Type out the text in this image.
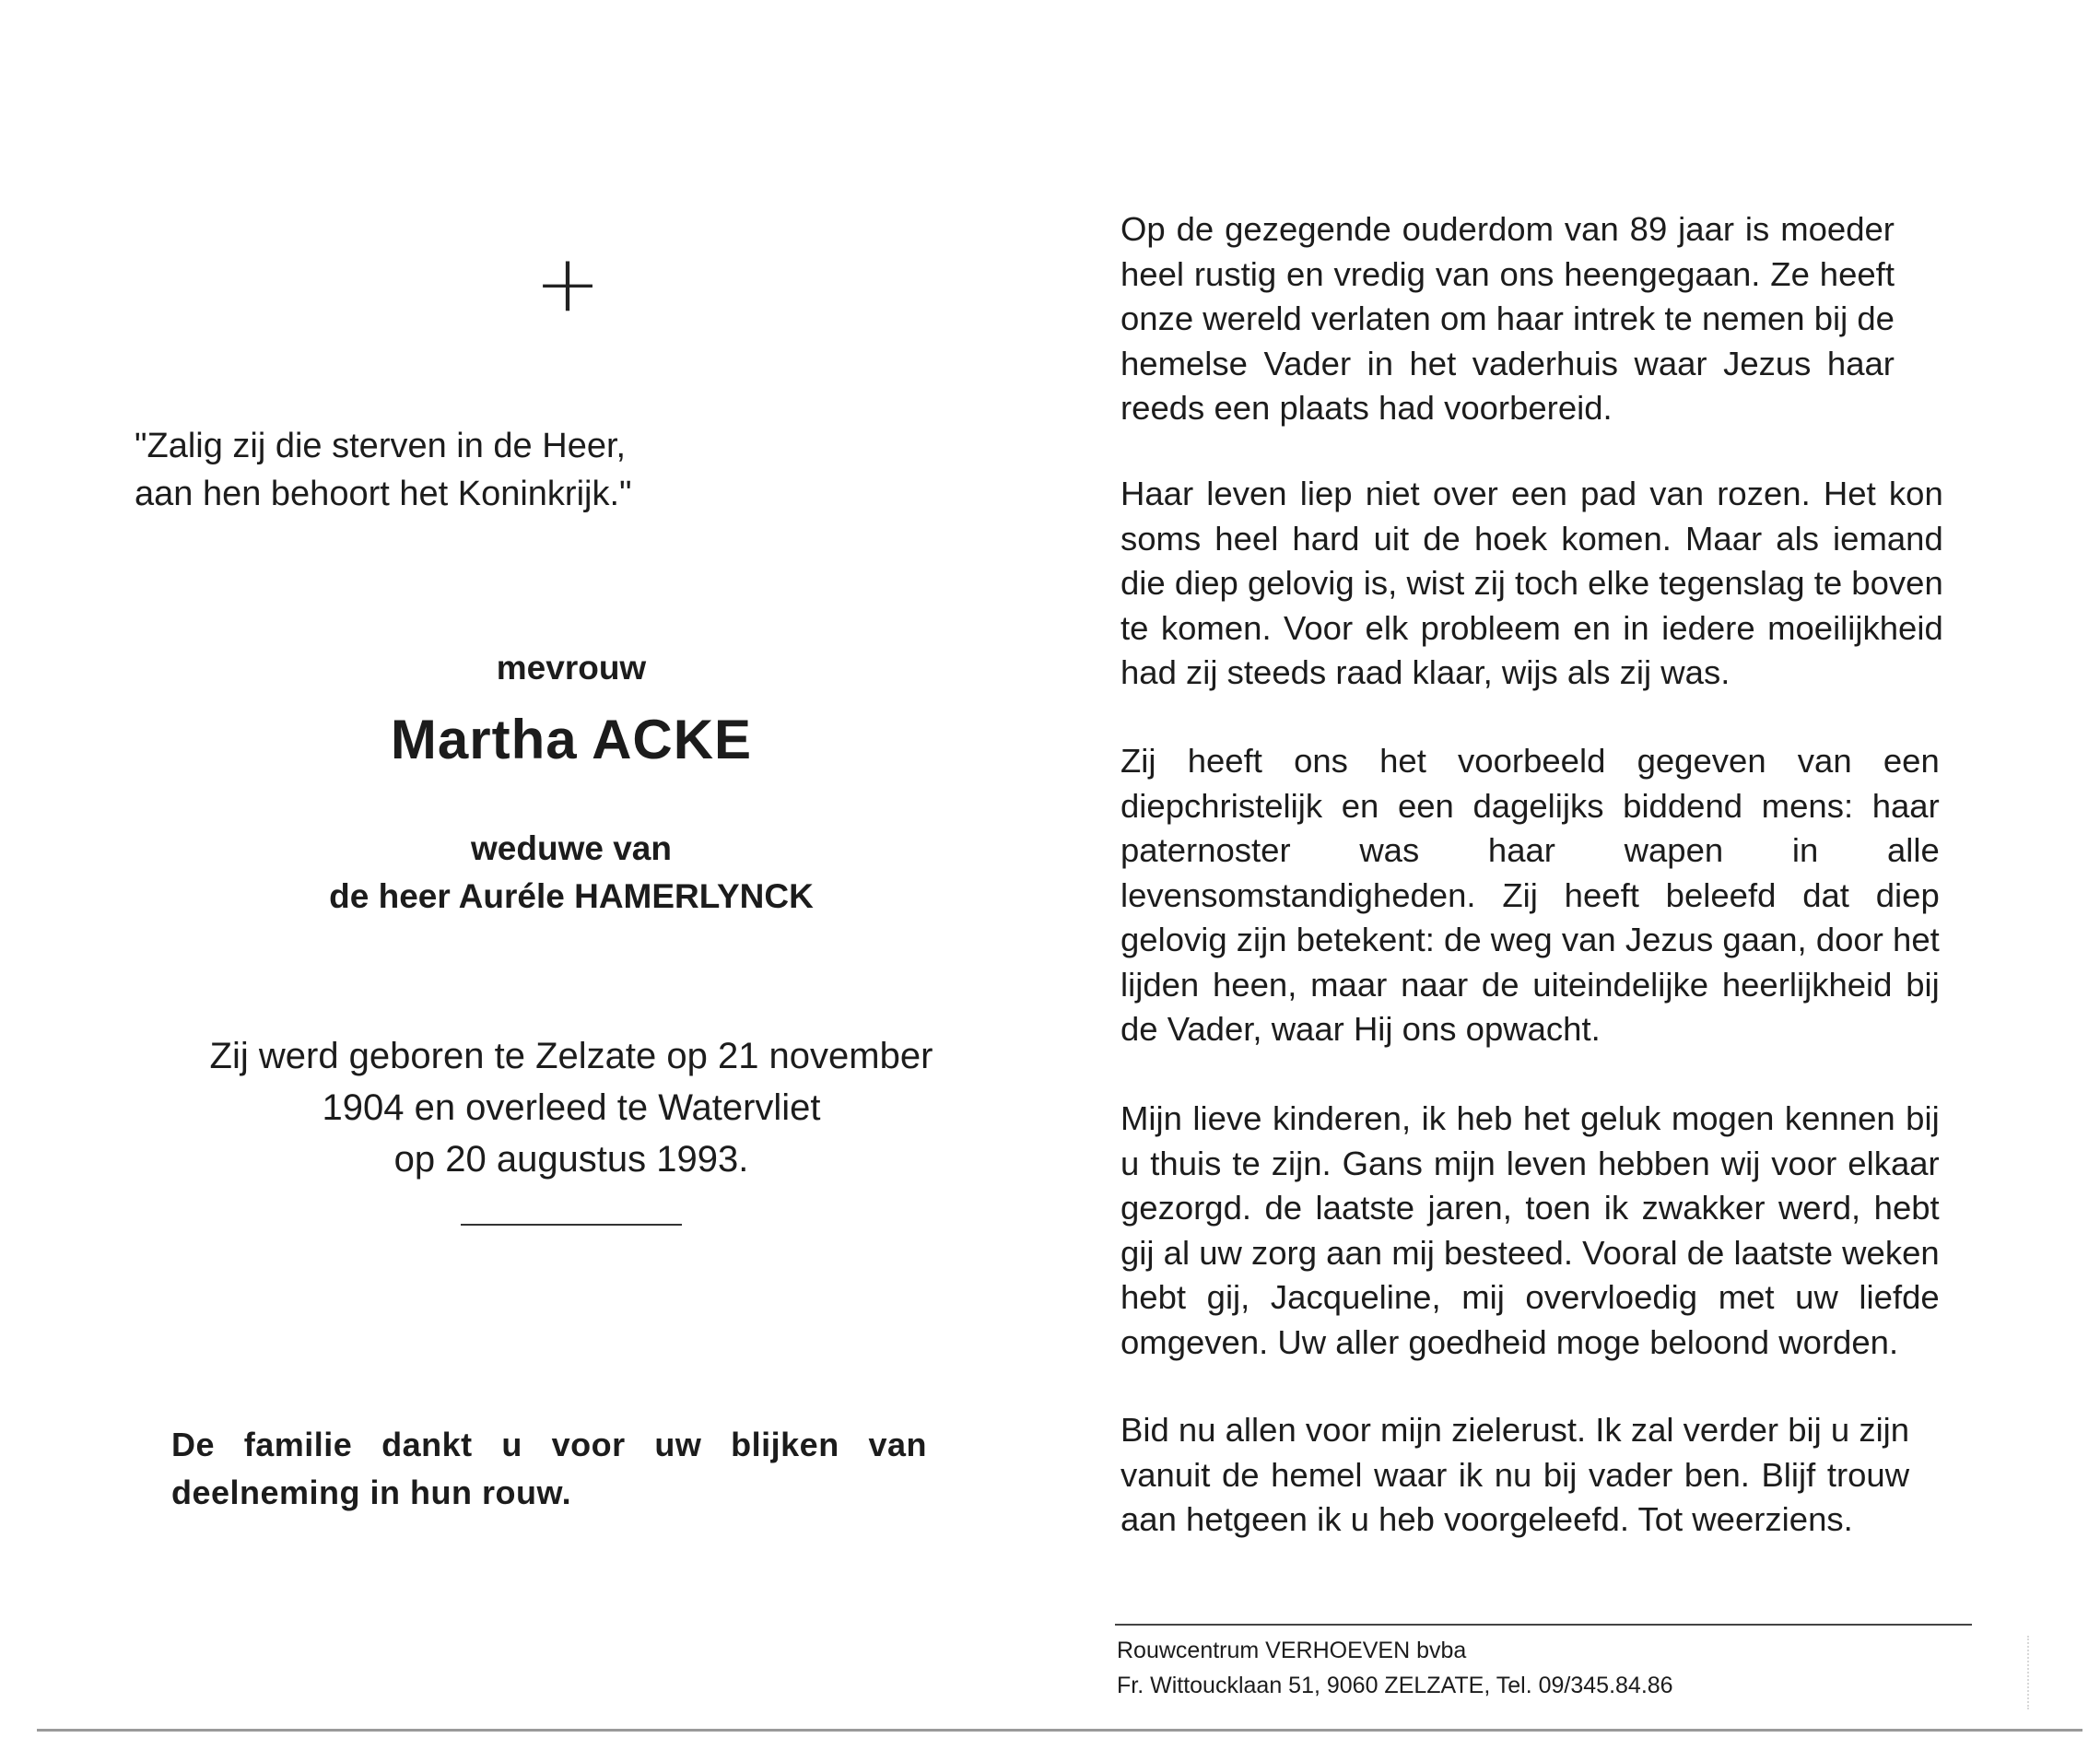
+
"Zalig zij die sterven in de Heer,
aan hen behoort het Koninkrijk."
mevrouw
Martha ACKE
weduwe van
de heer Auréle HAMERLYNCK
Zij werd geboren te Zelzate op 21 november
1904 en overleed te Watervliet
op 20 augustus 1993.
De familie dankt u voor uw blijken van
deelneming in hun rouw.
Op de gezegende ouderdom van 89 jaar is moeder
heel rustig en vredig van ons heengegaan. Ze heeft
onze wereld verlaten om haar intrek te nemen bij de
hemelse Vader in het vaderhuis waar Jezus haar
reeds een plaats had voorbereid.
Haar leven liep niet over een pad van rozen. Het kon
soms heel hard uit de hoek komen. Maar als iemand
die diep gelovig is, wist zij toch elke tegenslag te boven
te komen. Voor elk probleem en in iedere moeilijkheid
had zij steeds raad klaar, wijs als zij was.
Zij heeft ons het voorbeeld gegeven van een
diepchristelijk en een dagelijks biddend mens: haar
paternoster was haar wapen in alle
levensomstandigheden. Zij heeft beleefd dat diep
gelovig zijn betekent: de weg van Jezus gaan, door het
lijden heen, maar naar de uiteindelijke heerlijkheid bij
de Vader, waar Hij ons opwacht.
Mijn lieve kinderen, ik heb het geluk mogen kennen bij
u thuis te zijn. Gans mijn leven hebben wij voor elkaar
gezorgd. de laatste jaren, toen ik zwakker werd, hebt
gij al uw zorg aan mij besteed. Vooral de laatste weken
hebt gij, Jacqueline, mij overvloedig met uw liefde
omgeven. Uw aller goedheid moge beloond worden.
Bid nu allen voor mijn zielerust. Ik zal verder bij u zijn
vanuit de hemel waar ik nu bij vader ben. Blijf trouw
aan hetgeen ik u heb voorgeleefd. Tot weerziens.
Rouwcentrum VERHOEVEN bvba
Fr. Wittoucklaan 51, 9060 ZELZATE, Tel. 09/345.84.86
